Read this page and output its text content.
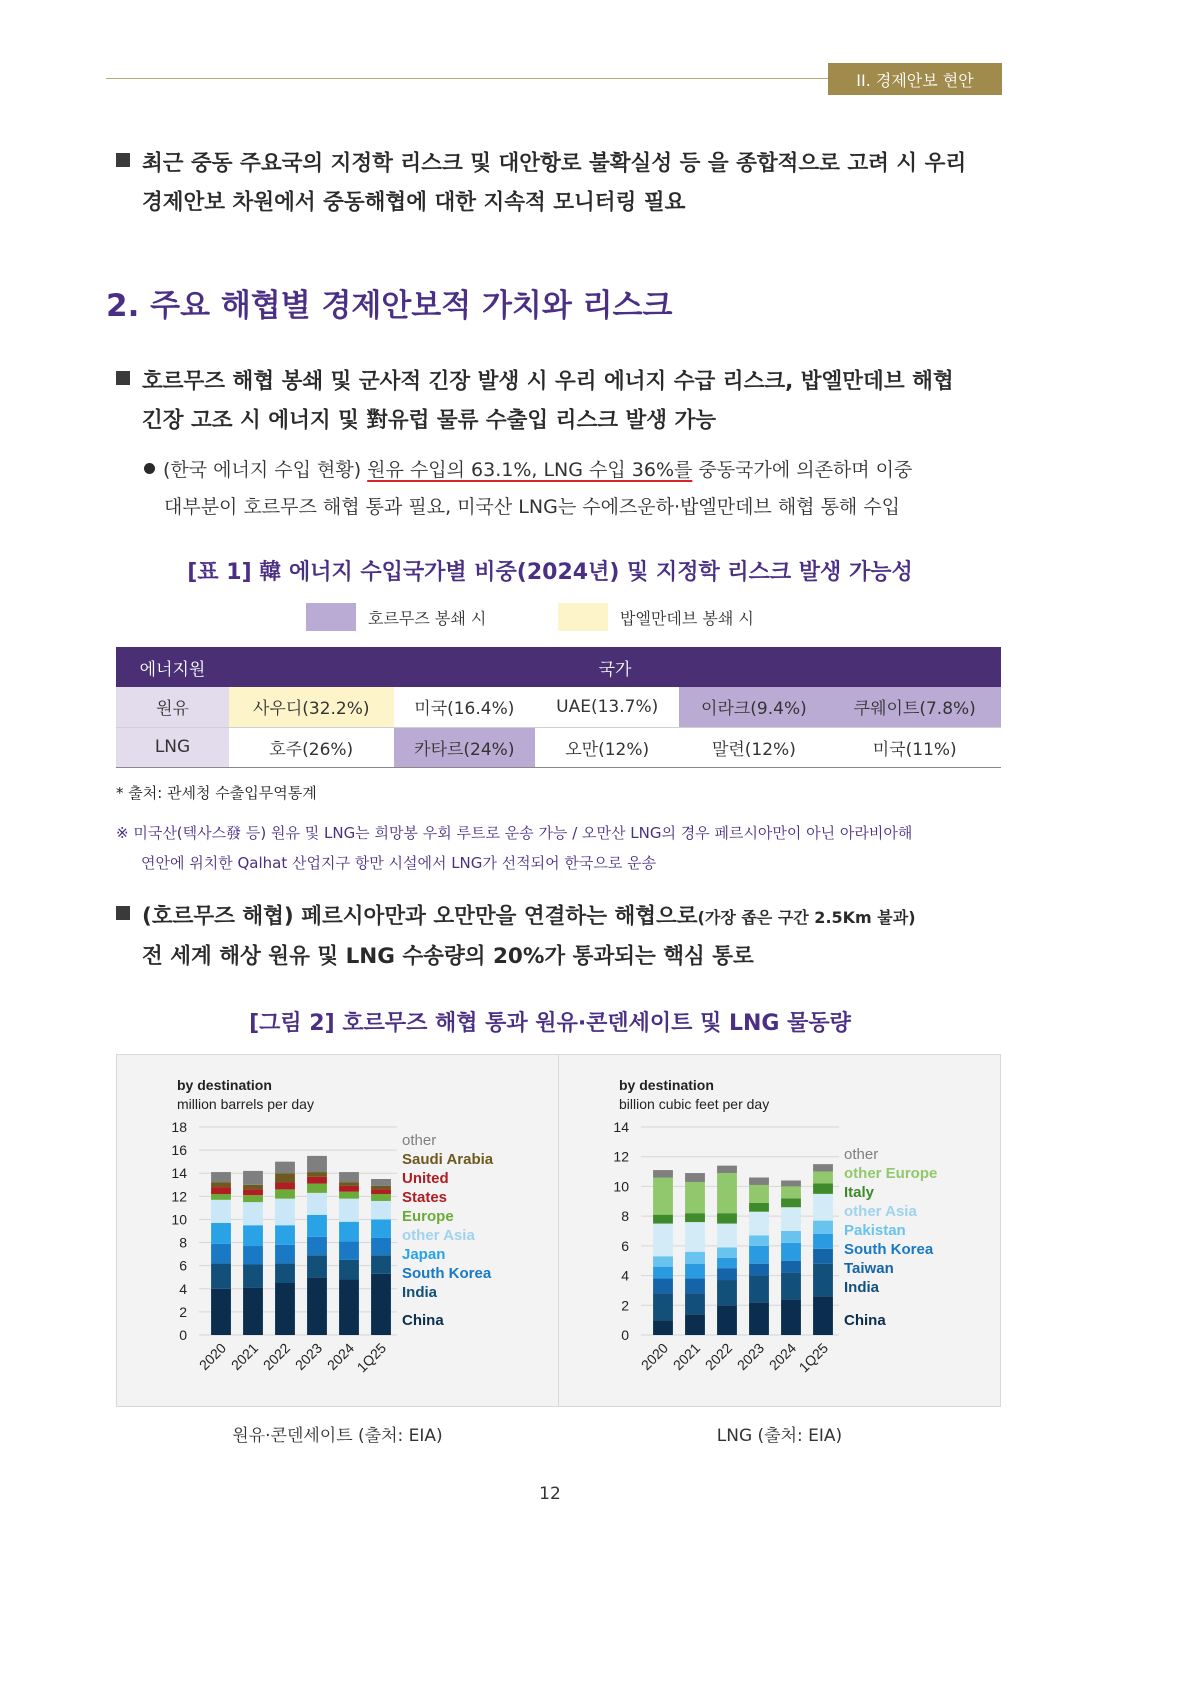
II. 경제안보 현안
최근 중동 주요국의 지정학 리스크 및 대안항로 불확실성 등 을 종합적으로 고려 시 우리
경제안보 차원에서 중동해협에 대한 지속적 모니터링 필요
2. 주요 해협별 경제안보적 가치와 리스크
호르무즈 해협 봉쇄 및 군사적 긴장 발생 시 우리 에너지 수급 리스크, 밥엘만데브 해협
긴장 고조 시 에너지 및 對유럽 물류 수출입 리스크 발생 가능
(한국 에너지 수입 현황) 원유 수입의 63.1%, LNG 수입 36%를 중동국가에 의존하며 이중
대부분이 호르무즈 해협 통과 필요, 미국산 LNG는 수에즈운하·밥엘만데브 해협 통해 수입
[표 1] 韓 에너지 수입국가별 비중(2024년) 및 지정학 리스크 발생 가능성
호르무즈 봉쇄 시	밥엘만데브 봉쇄 시
에너지원	국가				
원유	사우디(32.2%)	미국(16.4%)	UAE(13.7%)	이라크(9.4%)	쿠웨이트(7.8%)
LNG	호주(26%)	카타르(24%)	오만(12%)	말련(12%)	미국(11%)
* 출처: 관세청 수출입무역통계
※ 미국산(텍사스發 등) 원유 및 LNG는 희망봉 우회 루트로 운송 가능 / 오만산 LNG의 경우 페르시아만이 아닌 아라비아해
연안에 위치한 Qalhat 산업지구 항만 시설에서 LNG가 선적되어 한국으로 운송
(호르무즈 해협) 페르시아만과 오만만을 연결하는 해협으로(가장 좁은 구간 2.5Km 불과)
전 세계 해상 원유 및 LNG 수송량의 20%가 통과되는 핵심 통로
[그림 2] 호르무즈 해협 통과 원유·콘덴세이트 및 LNG 물동량
by destination
million barrels per day
0
2
4
6
8
10
12
14
16
18
2020
2021
2022
2023
2024
1Q25
other
Saudi Arabia
United
States
Europe
other Asia
Japan
South Korea
India
China
by destination
billion cubic feet per day
0
2
4
6
8
10
12
14
2020
2021
2022
2023
2024
1Q25
other
other Europe
Italy
other Asia
Pakistan
South Korea
Taiwan
India
China
원유·콘덴세이트 (출처: EIA)	LNG (출처: EIA)
12
